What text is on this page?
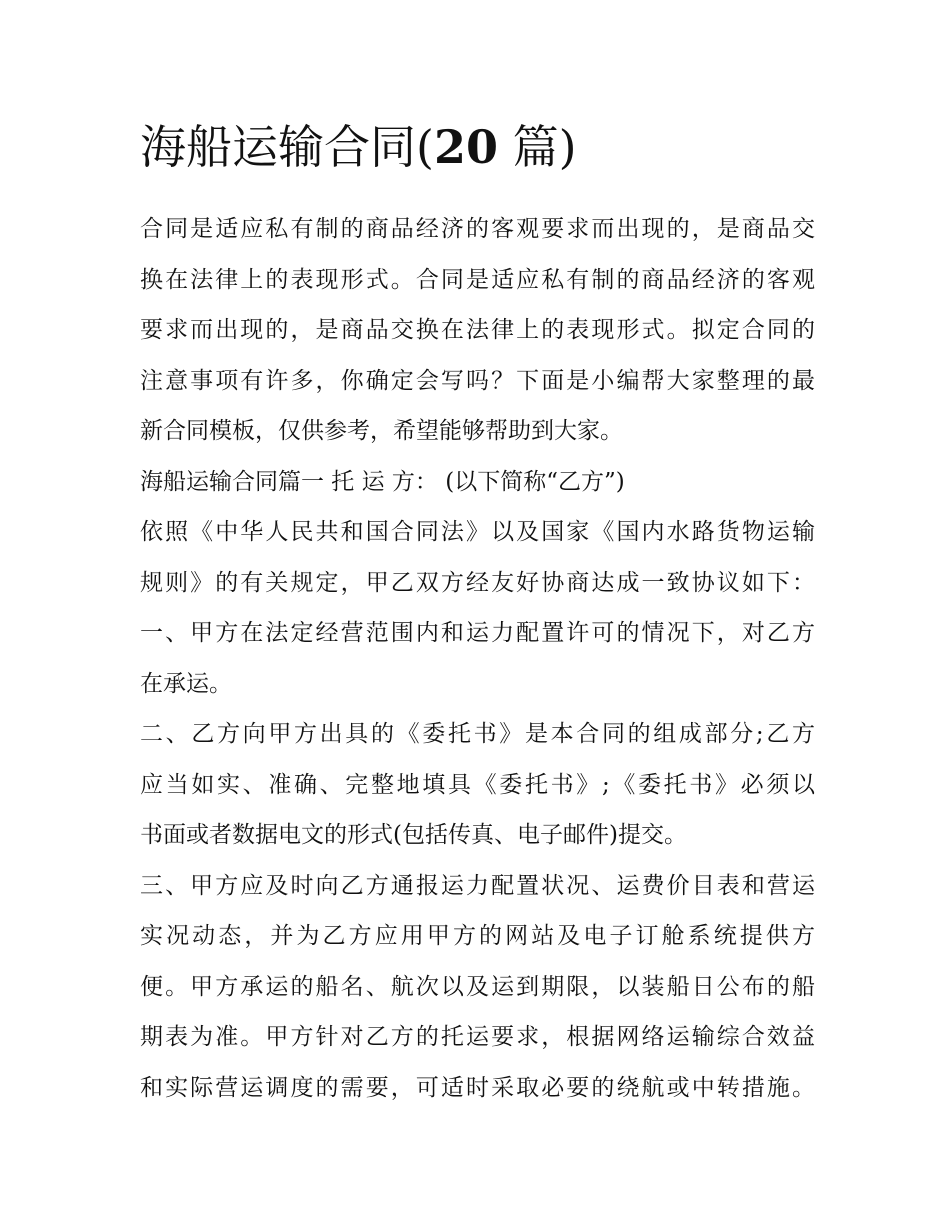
海船运输合同(20 篇)

合同是适应私有制的商品经济的客观要求而出现的，是商品交
换在法律上的表现形式。合同是适应私有制的商品经济的客观
要求而出现的，是商品交换在法律上的表现形式。拟定合同的
注意事项有许多，你确定会写吗？下面是小编帮大家整理的最
新合同模板，仅供参考，希望能够帮助到大家。

海船运输合同篇一 托 运 方： (以下简称“乙方”)

依照《中华人民共和国合同法》以及国家《国内水路货物运输
规则》的有关规定，甲乙双方经友好协商达成一致协议如下：

一、甲方在法定经营范围内和运力配置许可的情况下，对乙方
在承运。

二、乙方向甲方出具的《委托书》是本合同的组成部分;乙方
应当如实、准确、完整地填具《委托书》;《委托书》必须以
书面或者数据电文的形式(包括传真、电子邮件)提交。

三、甲方应及时向乙方通报运力配置状况、运费价目表和营运
实况动态，并为乙方应用甲方的网站及电子订舱系统提供方
便。甲方承运的船名、航次以及运到期限，以装船日公布的船
期表为准。甲方针对乙方的托运要求，根据网络运输综合效益
和实际营运调度的需要，可适时采取必要的绕航或中转措施。
